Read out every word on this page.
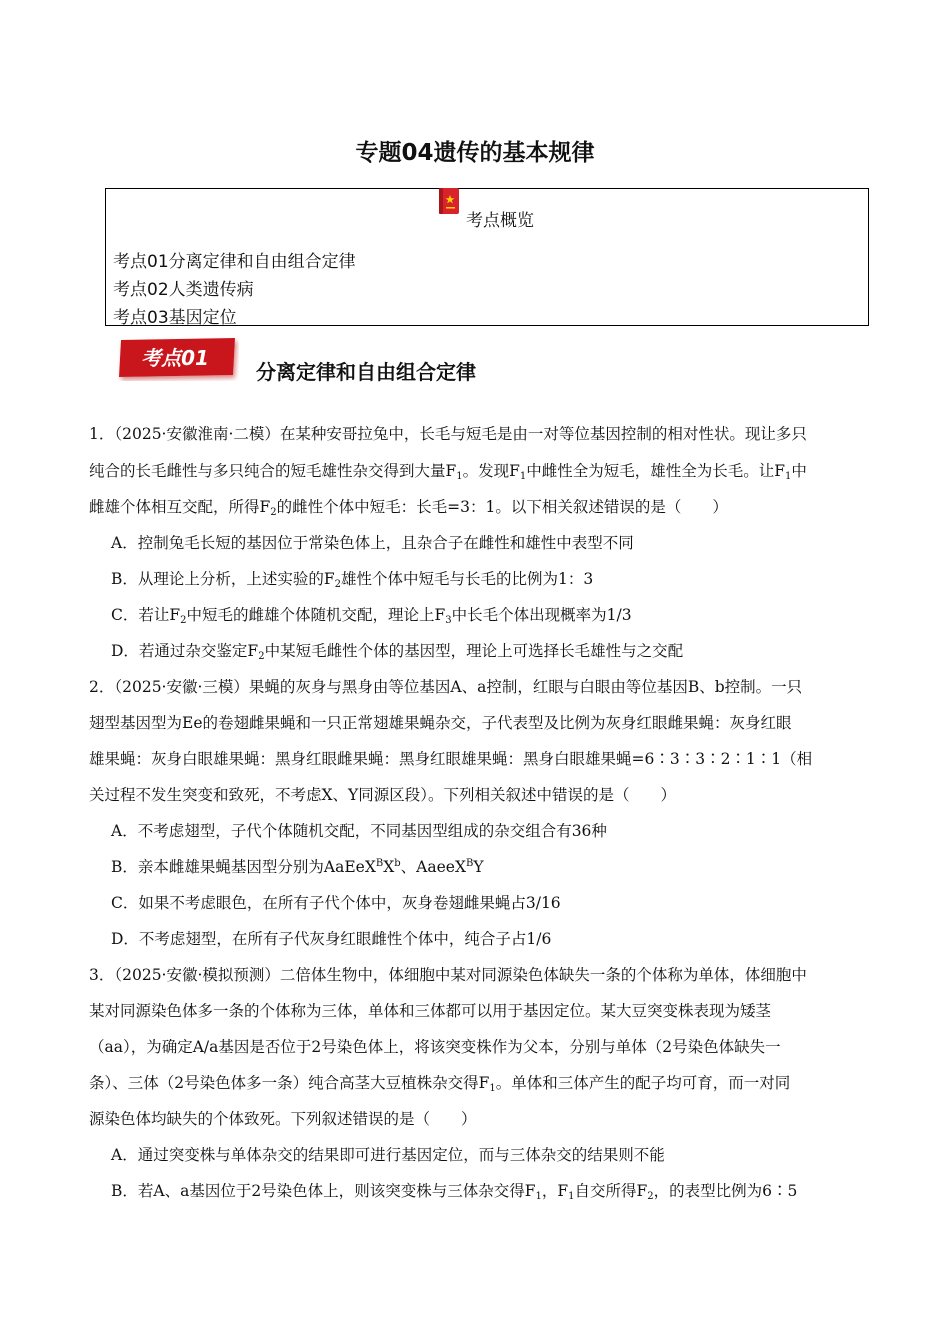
专题04遗传的基本规律
考点概览
考点01分离定律和自由组合定律
考点02人类遗传病
考点03基因定位
考点01
分离定律和自由组合定律
1．（2025·安徽淮南·二模）在某种安哥拉兔中，长毛与短毛是由一对等位基因控制的相对性状。现让多只
纯合的长毛雌性与多只纯合的短毛雄性杂交得到大量$F_1$。发现$F_1$中雌性全为短毛，雄性全为长毛。让$F_1$中
雌雄个体相互交配，所得$F_2$的雌性个体中短毛：长毛=3：1。以下相关叙述错误的是（　　）
A．控制兔毛长短的基因位于常染色体上，且杂合子在雌性和雄性中表型不同
B．从理论上分析，上述实验的$F_2$雄性个体中短毛与长毛的比例为1：3
C．若让$F_2$中短毛的雌雄个体随机交配，理论上$F_3$中长毛个体出现概率为1/3
D．若通过杂交鉴定$F_2$中某短毛雌性个体的基因型，理论上可选择长毛雄性与之交配
2．（2025·安徽·三模）果蝇的灰身与黑身由等位基因A、a控制，红眼与白眼由等位基因B、b控制。一只
翅型基因型为Ee的卷翅雌果蝇和一只正常翅雄果蝇杂交，子代表型及比例为灰身红眼雌果蝇：灰身红眼
雄果蝇：灰身白眼雄果蝇：黑身红眼雌果蝇：黑身红眼雄果蝇：黑身白眼雄果蝇=6∶3∶3∶2∶1∶1（相
关过程不发生突变和致死，不考虑X、Y同源区段）。下列相关叙述中错误的是（　　）
A．不考虑翅型，子代个体随机交配，不同基因型组成的杂交组合有36种
B．亲本雌雄果蝇基因型分别为$AaEeX^BX^b$、AaeeX$^B$Y
C．如果不考虑眼色，在所有子代个体中，灰身卷翅雌果蝇占3/16
D．不考虑翅型，在所有子代灰身红眼雌性个体中，纯合子占1/6
3．（2025·安徽·模拟预测）二倍体生物中，体细胞中某对同源染色体缺失一条的个体称为单体，体细胞中
某对同源染色体多一条的个体称为三体，单体和三体都可以用于基因定位。某大豆突变株表现为矮茎
（aa），为确定A/a基因是否位于2号染色体上，将该突变株作为父本，分别与单体（2号染色体缺失一
条）、三体（2号染色体多一条）纯合高茎大豆植株杂交得$F_1$。单体和三体产生的配子均可育，而一对同
源染色体均缺失的个体致死。下列叙述错误的是（　　）
A．通过突变株与单体杂交的结果即可进行基因定位，而与三体杂交的结果则不能
B．若A、a基因位于2号染色体上，则该突变株与三体杂交得$F_1$，$F_1$自交所得$F_2$，的表型比例为6∶5
